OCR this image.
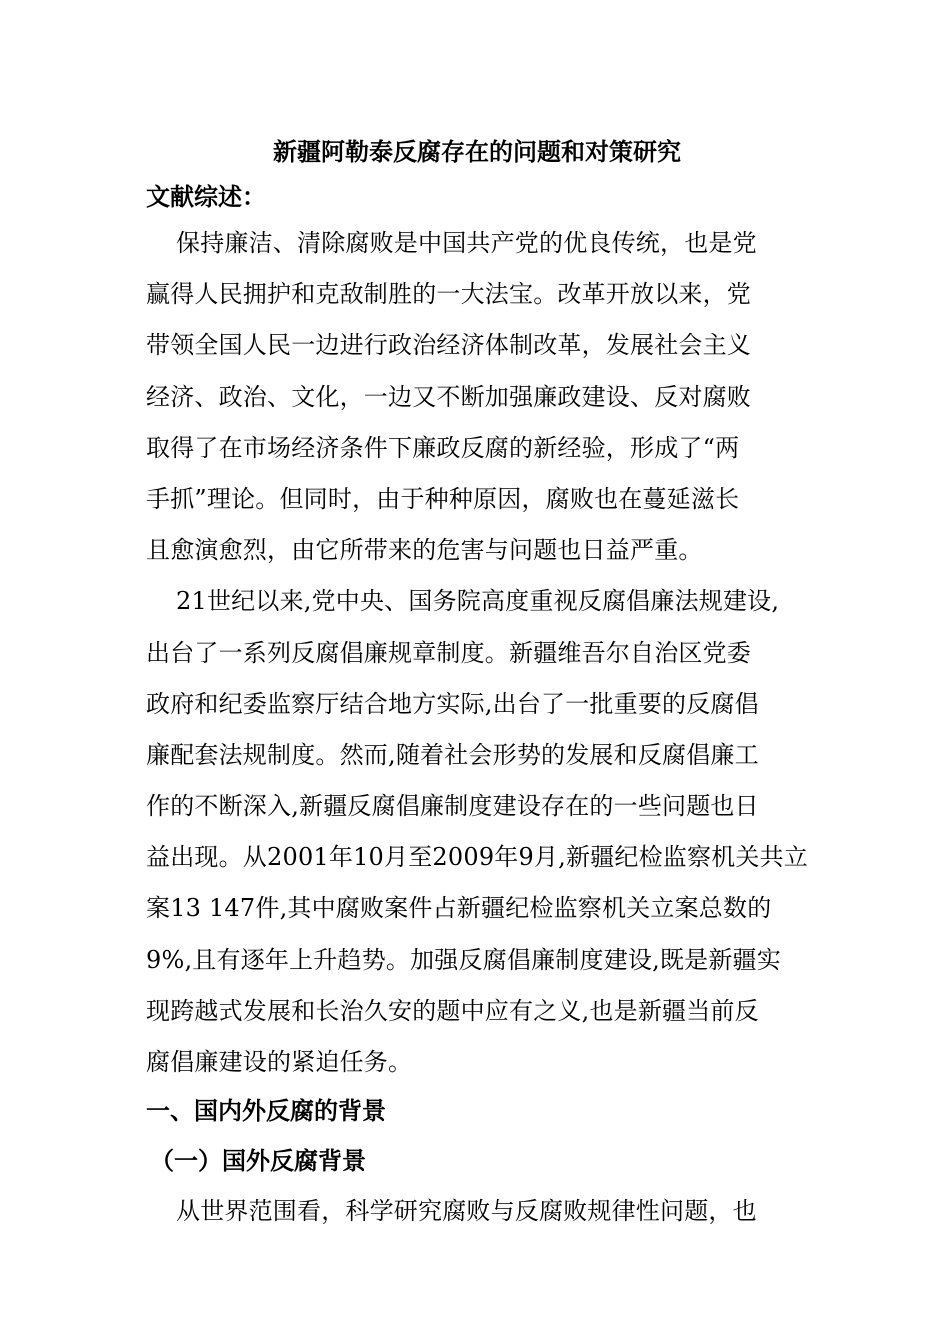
新疆阿勒泰反腐存在的问题和对策研究
文献综述：

保持廉洁、清除腐败是中国共产党的优良传统，也是党
赢得人民拥护和克敌制胜的一大法宝。改革开放以来，党
带领全国人民一边进行政治经济体制改革，发展社会主义
经济、政治、文化，一边又不断加强廉政建设、反对腐败
取得了在市场经济条件下廉政反腐的新经验，形成了“两
手抓”理论。但同时，由于种种原因，腐败也在蔓延滋长
且愈演愈烈，由它所带来的危害与问题也日益严重。

21世纪以来,党中央、国务院高度重视反腐倡廉法规建设,
出台了一系列反腐倡廉规章制度。新疆维吾尔自治区党委
政府和纪委监察厅结合地方实际,出台了一批重要的反腐倡
廉配套法规制度。然而,随着社会形势的发展和反腐倡廉工
作的不断深入,新疆反腐倡廉制度建设存在的一些问题也日
益出现。从2001年10月至2009年9月,新疆纪检监察机关共立
案13 147件,其中腐败案件占新疆纪检监察机关立案总数的
9%,且有逐年上升趋势。加强反腐倡廉制度建设,既是新疆实
现跨越式发展和长治久安的题中应有之义,也是新疆当前反
腐倡廉建设的紧迫任务。

一、国内外反腐的背景
（一）国外反腐背景

从世界范围看，科学研究腐败与反腐败规律性问题，也
